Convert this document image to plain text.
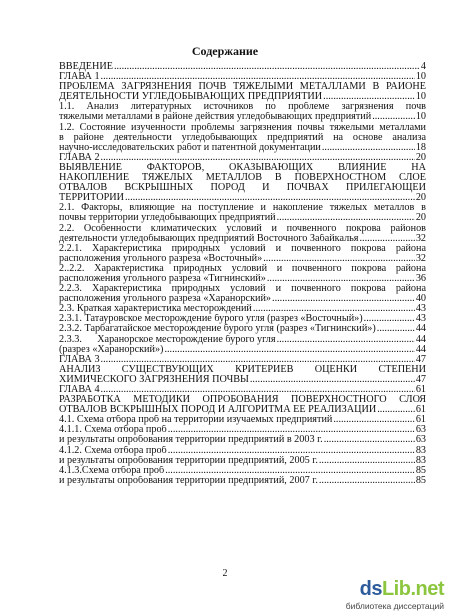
Содержание
ВВЕДЕНИЕ .....	4
ГЛАВА 1 .....	10
ПРОБЛЕМА ЗАГРЯЗНЕНИЯ ПОЧВ ТЯЖЕЛЫМИ МЕТАЛЛАМИ В РАЙОНЕ
ДЕЯТЕЛЬНОСТИ УГЛЕДОБЫВАЮЩИХ ПРЕДПРИЯТИЙ .....	10
1.1. Анализ литературных источников по проблеме загрязнения почв
тяжелыми металлами в районе действия угледобывающих предприятий .....	10
1.2. Состояние изученности проблемы загрязнения почвы тяжелыми металлами
в районе деятельности угледобывающих предприятий на основе анализа
научно-исследовательских работ и патентной документации .....	18
ГЛАВА 2 .....	20
ВЫЯВЛЕНИЕ ФАКТОРОВ, ОКАЗЫВАЮЩИХ ВЛИЯНИЕ НА
НАКОПЛЕНИЕ ТЯЖЕЛЫХ МЕТАЛЛОВ В ПОВЕРХНОСТНОМ СЛОЕ
ОТВАЛОВ ВСКРЫШНЫХ ПОРОД И ПОЧВАХ ПРИЛЕГАЮЩЕЙ
ТЕРРИТОРИИ .....	20
2.1. Факторы, влияющие на поступление и накопление тяжелых металлов в
почвы территории угледобывающих предприятий .....	20
2.2. Особенности климатических условий и почвенного покрова районов
деятельности угледобывающих предприятий Восточного Забайкалья .....	32
2.2.1. Характеристика природных условий и почвенного покрова района
расположения угольного разреза «Восточный» .....	32
2..2.2. Характеристика природных условий и почвенного покрова района
расположения угольного разреза «Тигнинский» .....	36
2.2.3. Характеристика природных условий и почвенного покрова района
расположения угольного разреза «Харанорский» .....	40
2.3. Краткая характеристика месторождений .....	43
2.3.1. Татауровское месторождение бурого угля (разрез «Восточный») .....	43
2.3.2. Тарбагатайское месторождение бурого угля (разрез «Тигнинский») .....	44
2.3.3.      Харанорское месторождение бурого угля .....	44
(разрез «Харанорский») .....	44
ГЛАВА 3 .....	47
АНАЛИЗ СУЩЕСТВУЮЩИХ КРИТЕРИЕВ ОЦЕНКИ СТЕПЕНИ
ХИМИЧЕСКОГО ЗАГРЯЗНЕНИЯ ПОЧВЫ .....	47
ГЛАВА 4 .....	61
РАЗРАБОТКА МЕТОДИКИ ОПРОБОВАНИЯ ПОВЕРХНОСТНОГО СЛОЯ
ОТВАЛОВ ВСКРЫШНЫХ ПОРОД И АЛГОРИТМА ЕЕ РЕАЛИЗАЦИИ .....	61
4.1. Схема отбора проб на территории изучаемых предприятий .....	61
4.1.1. Схема отбора проб .....	63
и результаты опробования территории предприятий в 2003 г. .....	63
4.1.2. Схема отбора проб .....	83
и результаты опробования территории предприятий, 2005 г. .....	83
4.1.3.Схема отбора проб .....	85
и результаты опробования территории предприятий, 2007 г. .....	85
2
dsLib.net
библиотека диссертаций
